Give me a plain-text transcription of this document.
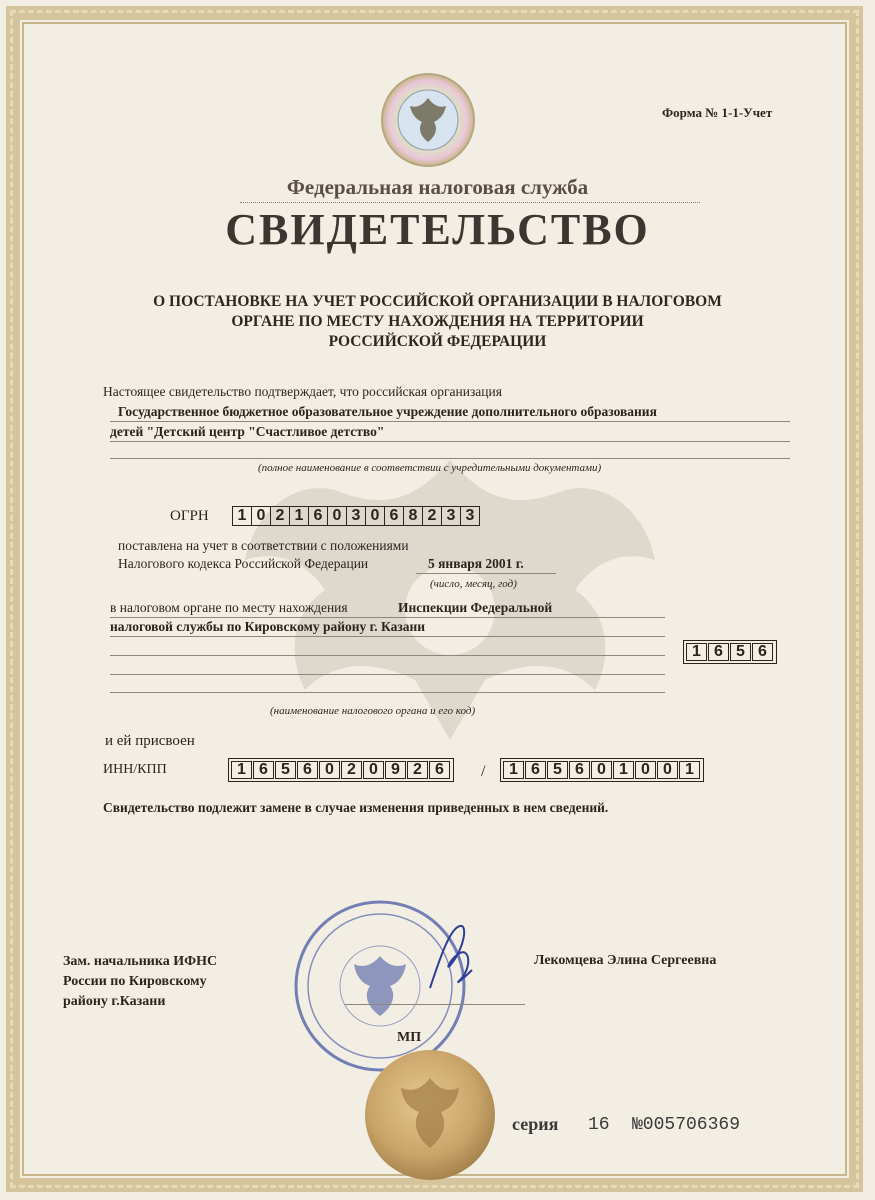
Форма № 1-1-Учет
Федеральная налоговая служба
СВИДЕТЕЛЬСТВО
О ПОСТАНОВКЕ НА УЧЕТ РОССИЙСКОЙ ОРГАНИЗАЦИИ В НАЛОГОВОМ
ОРГАНЕ ПО МЕСТУ НАХОЖДЕНИЯ НА ТЕРРИТОРИИ
РОССИЙСКОЙ ФЕДЕРАЦИИ
Настоящее свидетельство подтверждает, что российская организация
Государственное бюджетное образовательное учреждение дополнительного образования
детей "Детский центр "Счастливое детство"
(полное наименование в соответствии с учредительными документами)
ОГРН 1 0 2 1 6 0 3 0 6 8 2 3 3
поставлена на учет в соответствии с положениями
Налогового кодекса Российской Федерации	5 января 2001 г.
(число, месяц, год)
в налоговом органе по месту нахождения	Инспекции Федеральной
налоговой службы по Кировскому району г. Казани
1 6 5 6
(наименование налогового органа и его код)
и ей присвоен
ИНН/КПП	1 6 5 6 0 2 0 9 2 6	/	1 6 5 6 0 1 0 0 1
Свидетельство подлежит замене в случае изменения приведенных в нем сведений.
Зам. начальника ИФНС
России по Кировскому
району г.Казани
Лекомцева Элина Сергеевна
МП
серия 16 №005706369
